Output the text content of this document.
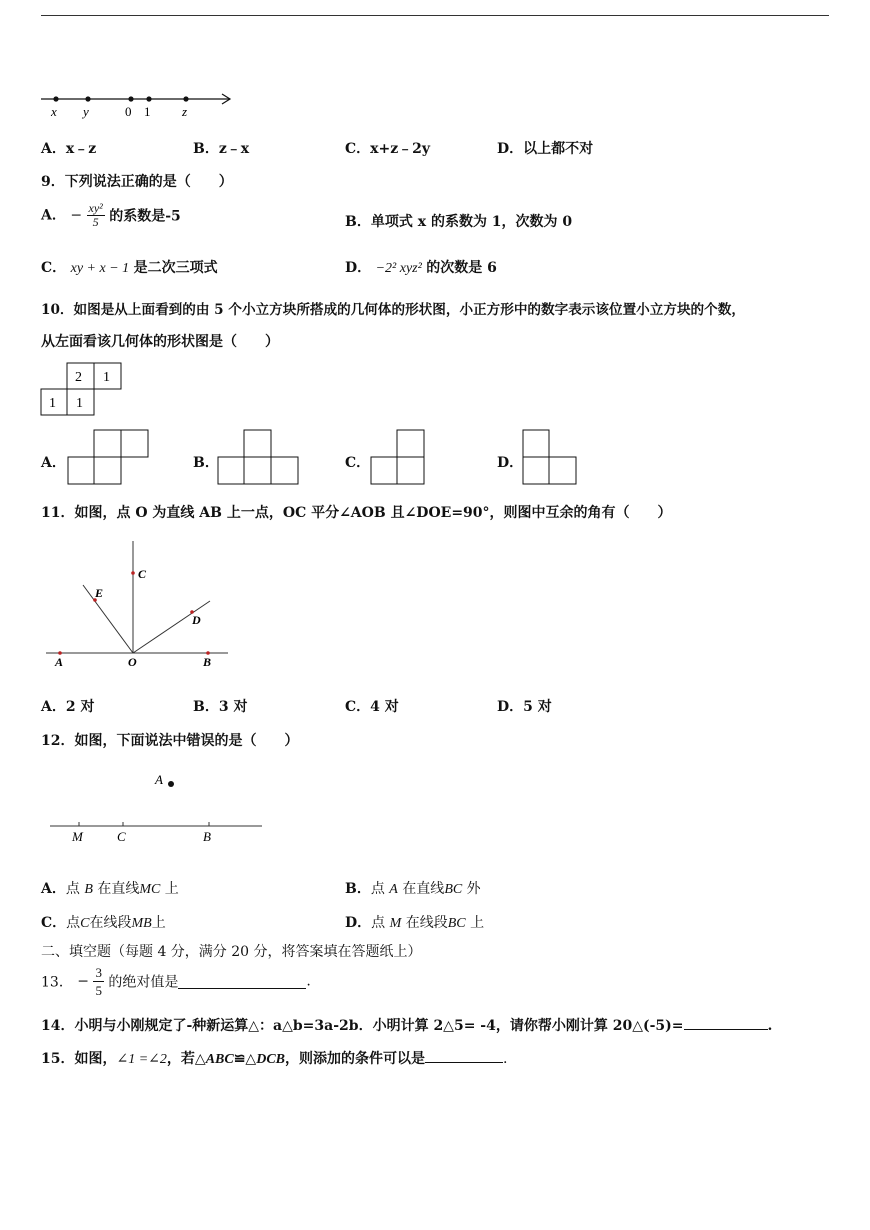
x y	0 1 z
A．x﹣z	B．z﹣x	C．x+z﹣2y	D．以上都不对
9．下列说法正确的是（　　）
A． − $\frac{\text{xy²}}{5}$ 的系数是-5	B．单项式 x 的系数为 1，次数为 0
C． xy + x − 1 是二次三项式	D． −2² xyz² 的次数是 6
10．如图是从上面看到的由 5 个小立方块所搭成的几何体的形状图，小正方形中的数字表示该位置小立方块的个数，
从左面看该几何体的形状图是（　　）
2 1
1 1
A．	B．	C．	D．
11．如图，点 O 为直线 AB 上一点，OC 平分∠AOB 且∠DOE=90°，则图中互余的角有（　　）
A	O	B
C
E
D
A．2 对	B．3 对	C．4 对	D．5 对
12．如图，下面说法中错误的是（　　）
A
M	C	B
A．点 B 在直线MC 上	B．点 A 在直线BC 外
C．点C在线段MB上	D．点 M 在线段BC 上
二、填空题（每题 4 分，满分 20 分，将答案填在答题纸上）
13． − $\frac{3}{5}$ 的绝对值是	.
14．小明与小刚规定了-种新运算△：a△b=3a-2b．小明计算 2△5= -4，请你帮小刚计算 20△(-5)=	.
15．如图，∠1 =∠2，若△ABC≌△DCB，则添加的条件可以是	.
